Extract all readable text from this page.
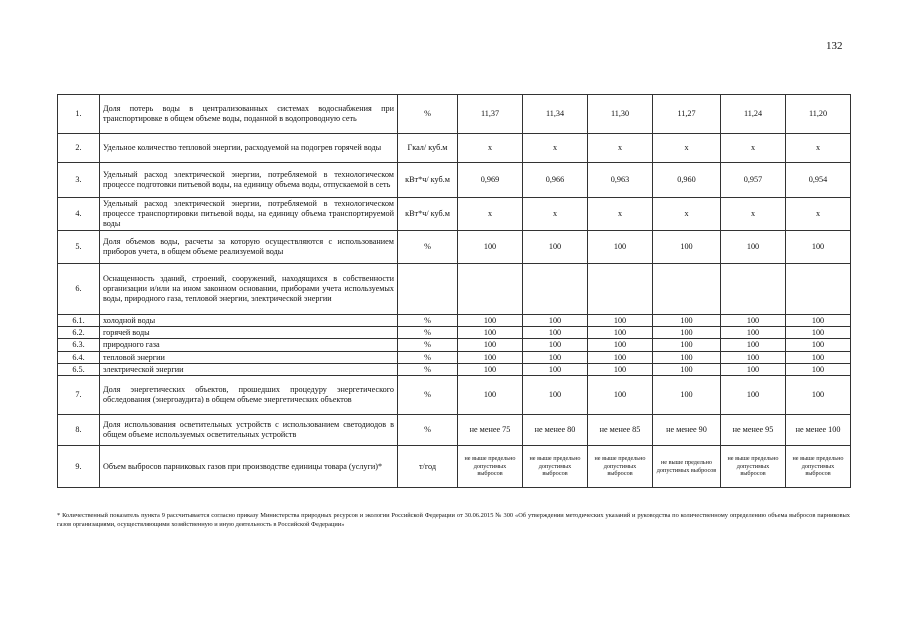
132
1.	Доля потерь воды в централизованных системах водоснабжения при транспортировке в общем объеме воды, поданной в водопроводную сеть	%	11,37	11,34	11,30	11,27	11,24	11,20
2.	Удельное количество тепловой энергии, расходуемой на подогрев горячей воды	Гкал/ куб.м	х	х	х	х	х	х
3.	Удельный расход электрической энергии, потребляемой в технологическом процессе подготовки питьевой воды, на единицу объема воды, отпускаемой в сеть	кВт*ч/ куб.м	0,969	0,966	0,963	0,960	0,957	0,954
4.	Удельный расход электрической энергии, потребляемой в технологическом процессе транспортировки питьевой воды, на единицу объема транспортируемой воды	кВт*ч/ куб.м	х	х	х	х	х	х
5.	Доля объемов воды, расчеты за которую осуществляются с использованием приборов учета, в общем объеме реализуемой воды	%	100	100	100	100	100	100
6.	Оснащенность зданий, строений, сооружений, находящихся в собственности организации и/или на ином законном основании, приборами учета используемых воды, природного газа, тепловой энергии, электрической энергии							
6.1.	холодной воды	%	100	100	100	100	100	100
6.2.	горячей воды	%	100	100	100	100	100	100
6.3.	природного газа	%	100	100	100	100	100	100
6.4.	тепловой энергии	%	100	100	100	100	100	100
6.5.	электрической энергии	%	100	100	100	100	100	100
7.	Доля энергетических объектов, прошедших процедуру энергетического обследования (энергоаудита) в общем объеме энергетических объектов	%	100	100	100	100	100	100
8.	Доля использования осветительных устройств с использованием светодиодов в общем объеме используемых осветительных устройств	%	не менее 75	не менее 80	не менее 85	не менее 90	не менее 95	не менее 100
9.	Объем выбросов парниковых газов при производстве единицы товара (услуги)*	т/год	не выше предельно допустимых выбросов	не выше предельно допустимых выбросов	не выше предельно допустимых выбросов	не выше предельно допустимых выбросов	не выше предельно допустимых выбросов	не выше предельно допустимых выбросов
* Количественный показатель пункта 9 рассчитывается согласно приказу Министерства природных ресурсов и экологии Российской Федерации от 30.06.2015 № 300 «Об утверждении методических указаний и руководства по количественному определению объема выбросов парниковых газов организациями, осуществляющими хозяйственную и иную деятельность в Российской Федерации»
